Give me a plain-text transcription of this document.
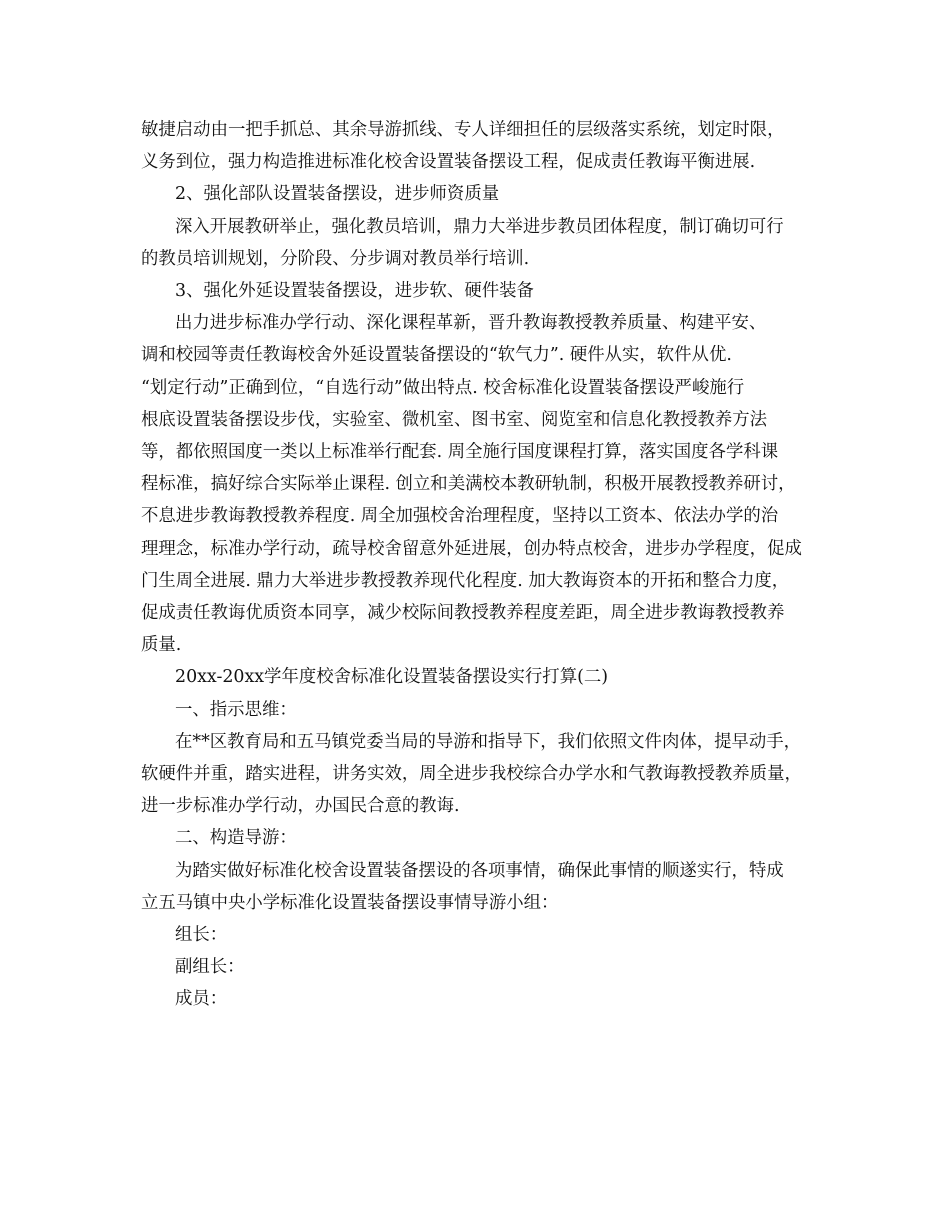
敏捷启动由一把手抓总、其余导游抓线、专人详细担任的层级落实系统，划定时限，
义务到位，强力构造推进标准化校舍设置装备摆设工程，促成责任教诲平衡进展.
2、强化部队设置装备摆设，进步师资质量
深入开展教研举止，强化教员培训，鼎力大举进步教员团体程度，制订确切可行
的教员培训规划，分阶段、分步调对教员举行培训.
3、强化外延设置装备摆设，进步软、硬件装备
出力进步标准办学行动、深化课程革新，晋升教诲教授教养质量、构建平安、
调和校园等责任教诲校舍外延设置装备摆设的“软气力”. 硬件从实，软件从优.
“划定行动”正确到位，“自选行动”做出特点. 校舍标准化设置装备摆设严峻施行
根底设置装备摆设步伐，实验室、微机室、图书室、阅览室和信息化教授教养方法
等，都依照国度一类以上标准举行配套. 周全施行国度课程打算，落实国度各学科课
程标准，搞好综合实际举止课程. 创立和美满校本教研轨制，积极开展教授教养研讨，
不息进步教诲教授教养程度. 周全加强校舍治理程度，坚持以工资本、依法办学的治
理理念，标准办学行动，疏导校舍留意外延进展，创办特点校舍，进步办学程度，促成
门生周全进展. 鼎力大举进步教授教养现代化程度. 加大教诲资本的开拓和整合力度，
促成责任教诲优质资本同享，减少校际间教授教养程度差距，周全进步教诲教授教养
质量.
20xx-20xx学年度校舍标准化设置装备摆设实行打算(二)
一、指示思维：
在**区教育局和五马镇党委当局的导游和指导下，我们依照文件肉体，提早动手，
软硬件并重，踏实进程，讲务实效，周全进步我校综合办学水和气教诲教授教养质量，
进一步标准办学行动，办国民合意的教诲.
二、构造导游：
为踏实做好标准化校舍设置装备摆设的各项事情，确保此事情的顺遂实行，特成
立五马镇中央小学标准化设置装备摆设事情导游小组：
组长：
副组长：
成员：
